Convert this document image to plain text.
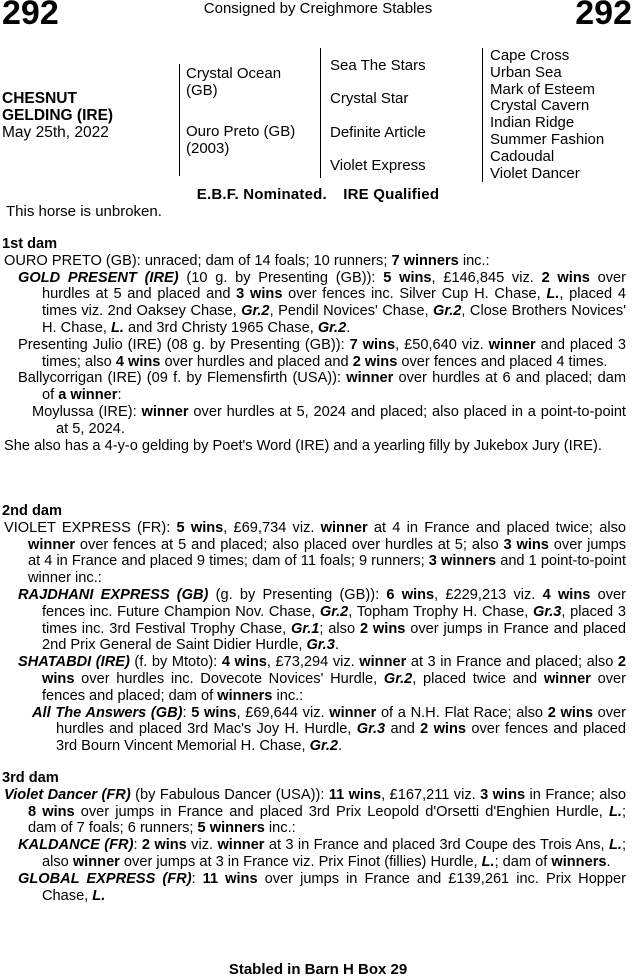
292	Consigned by Creighmore Stables	292
CHESNUT
GELDING (IRE)
May 25th, 2022
Crystal Ocean (GB)
Ouro Preto (GB) (2003)
Sea The Stars
Crystal Star
Definite Article
Violet Express
Cape Cross
Urban Sea
Mark of Esteem
Crystal Cavern
Indian Ridge
Summer Fashion
Cadoudal
Violet Dancer
E.B.F. Nominated. IRE Qualified
This horse is unbroken.

1st dam

OURO PRETO (GB): unraced; dam of 14 foals; 10 runners; 7 winners inc.:

GOLD PRESENT (IRE) (10 g. by Presenting (GB)): 5 wins, £146,845 viz. 2 wins over hurdles at 5 and placed and 3 wins over fences inc. Silver Cup H. Chase, L., placed 4 times viz. 2nd Oaksey Chase, Gr.2, Pendil Novices' Chase, Gr.2, Close Brothers Novices' H. Chase, L. and 3rd Christy 1965 Chase, Gr.2.

Presenting Julio (IRE) (08 g. by Presenting (GB)): 7 wins, £50,640 viz. winner and placed 3 times; also 4 wins over hurdles and placed and 2 wins over fences and placed 4 times.

Ballycorrigan (IRE) (09 f. by Flemensfirth (USA)): winner over hurdles at 6 and placed; dam of a winner:

Moylussa (IRE): winner over hurdles at 5, 2024 and placed; also placed in a point-to-point at 5, 2024.

She also has a 4-y-o gelding by Poet's Word (IRE) and a yearling filly by Jukebox Jury (IRE).

2nd dam

VIOLET EXPRESS (FR): 5 wins, £69,734 viz. winner at 4 in France and placed twice; also winner over fences at 5 and placed; also placed over hurdles at 5; also 3 wins over jumps at 4 in France and placed 9 times; dam of 11 foals; 9 runners; 3 winners and 1 point-to-point winner inc.:

RAJDHANI EXPRESS (GB) (g. by Presenting (GB)): 6 wins, £229,213 viz. 4 wins over fences inc. Future Champion Nov. Chase, Gr.2, Topham Trophy H. Chase, Gr.3, placed 3 times inc. 3rd Festival Trophy Chase, Gr.1; also 2 wins over jumps in France and placed 2nd Prix General de Saint Didier Hurdle, Gr.3.

SHATABDI (IRE) (f. by Mtoto): 4 wins, £73,294 viz. winner at 3 in France and placed; also 2 wins over hurdles inc. Dovecote Novices' Hurdle, Gr.2, placed twice and winner over fences and placed; dam of winners inc.:

All The Answers (GB): 5 wins, £69,644 viz. winner of a N.H. Flat Race; also 2 wins over hurdles and placed 3rd Mac's Joy H. Hurdle, Gr.3 and 2 wins over fences and placed 3rd Bourn Vincent Memorial H. Chase, Gr.2.

3rd dam

Violet Dancer (FR) (by Fabulous Dancer (USA)): 11 wins, £167,211 viz. 3 wins in France; also 8 wins over jumps in France and placed 3rd Prix Leopold d'Orsetti d'Enghien Hurdle, L.; dam of 7 foals; 6 runners; 5 winners inc.:

KALDANCE (FR): 2 wins viz. winner at 3 in France and placed 3rd Coupe des Trois Ans, L.; also winner over jumps at 3 in France viz. Prix Finot (fillies) Hurdle, L.; dam of winners.

GLOBAL EXPRESS (FR): 11 wins over jumps in France and £139,261 inc. Prix Hopper Chase, L.

Stabled in Barn H Box 29
